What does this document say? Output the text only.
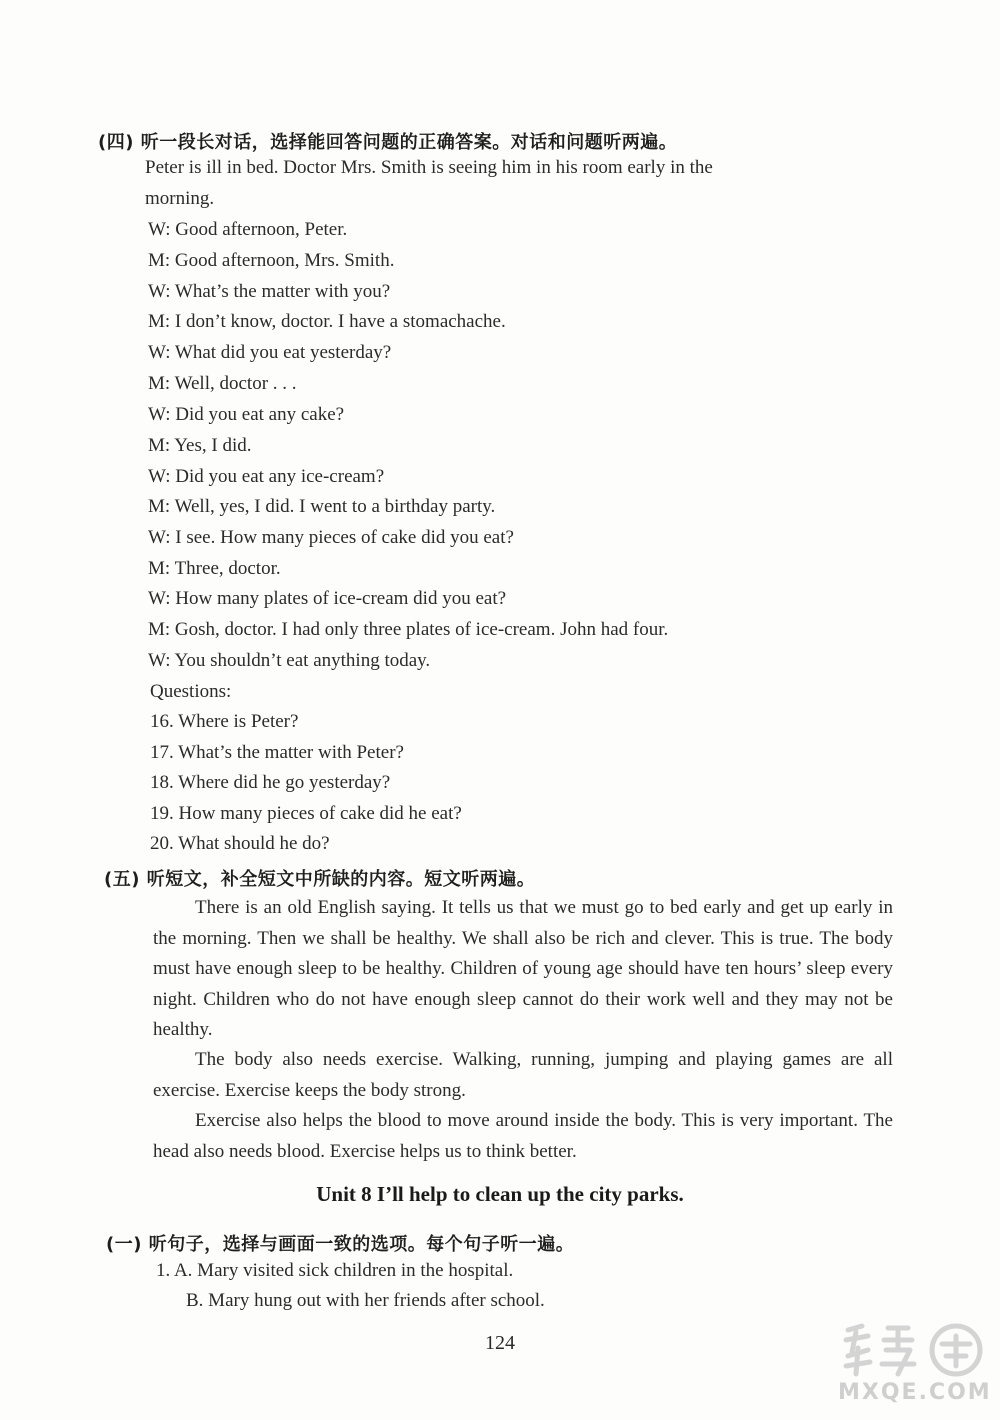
(四) 听一段长对话，选择能回答问题的正确答案。对话和问题听两遍。
Peter is ill in bed. Doctor Mrs. Smith is seeing him in his room early in the
morning.
W: Good afternoon, Peter.
M: Good afternoon, Mrs. Smith.
W: What’s the matter with you?
M: I don’t know, doctor. I have a stomachache.
W: What did you eat yesterday?
M: Well, doctor . . .
W: Did you eat any cake?
M: Yes, I did.
W: Did you eat any ice-cream?
M: Well, yes, I did. I went to a birthday party.
W: I see. How many pieces of cake did you eat?
M: Three, doctor.
W: How many plates of ice-cream did you eat?
M: Gosh, doctor. I had only three plates of ice-cream. John had four.
W: You shouldn’t eat anything today.
Questions:
16. Where is Peter?
17. What’s the matter with Peter?
18. Where did he go yesterday?
19. How many pieces of cake did he eat?
20. What should he do?
(五) 听短文，补全短文中所缺的内容。短文听两遍。
There is an old English saying. It tells us that we must go to bed early and get up early in the morning. Then we shall be healthy. We shall also be rich and clever. This is true. The body must have enough sleep to be healthy. Children of young age should have ten hours’ sleep every night. Children who do not have enough sleep cannot do their work well and they may not be healthy.
The body also needs exercise. Walking, running, jumping and playing games are all exercise. Exercise keeps the body strong.
Exercise also helps the blood to move around inside the body. This is very important. The head also needs blood. Exercise helps us to think better.
Unit 8 I’ll help to clean up the city parks.
(一) 听句子，选择与画面一致的选项。每个句子听一遍。
1. A. Mary visited sick children in the hospital.
B. Mary hung out with her friends after school.
124
MXQE.COM
